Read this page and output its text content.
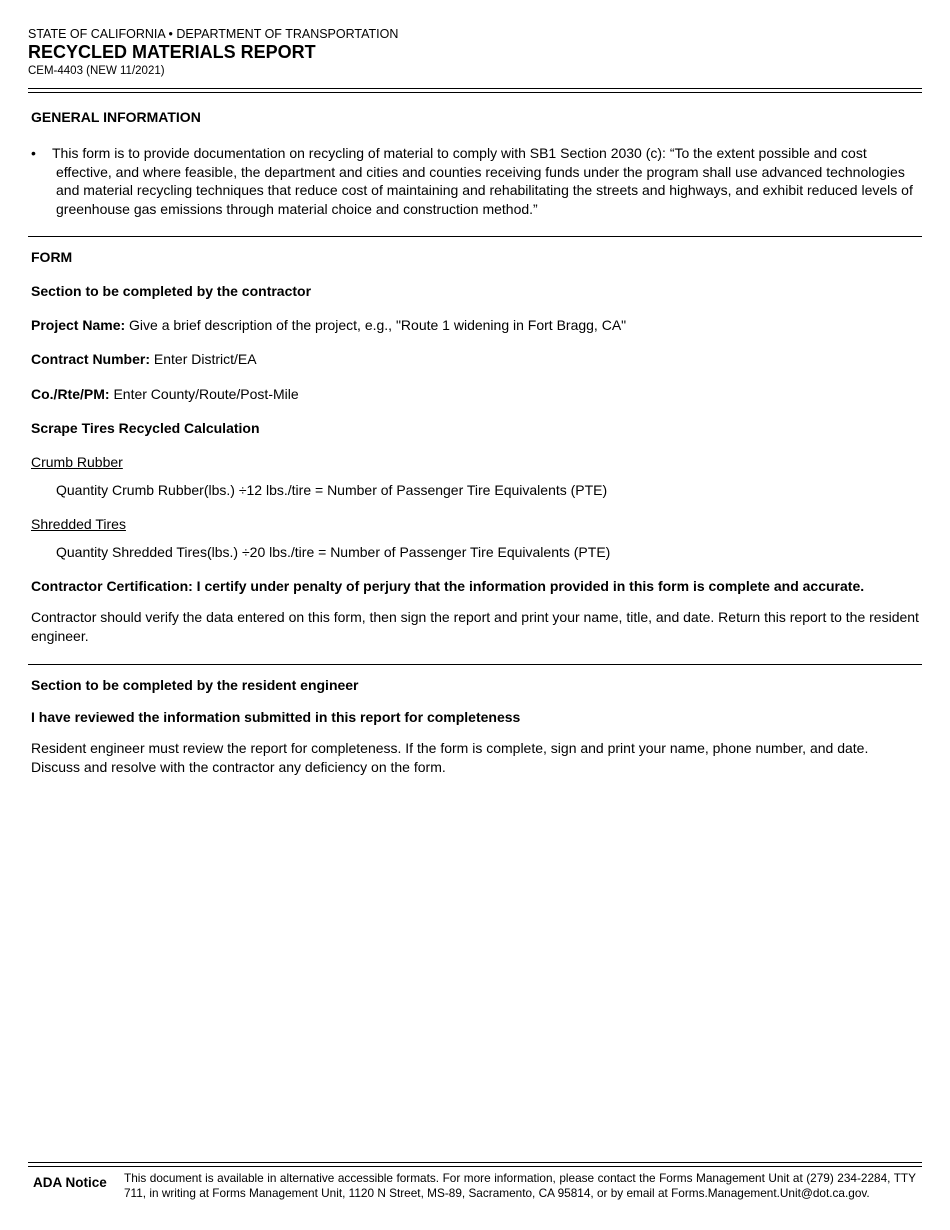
STATE OF CALIFORNIA • DEPARTMENT OF TRANSPORTATION
RECYCLED MATERIALS REPORT
CEM-4403 (NEW 11/2021)
GENERAL INFORMATION
• This form is to provide documentation on recycling of material to comply with SB1 Section 2030 (c): “To the extent possible and cost effective, and where feasible, the department and cities and counties receiving funds under the program shall use advanced technologies and material recycling techniques that reduce cost of maintaining and rehabilitating the streets and highways, and exhibit reduced levels of greenhouse gas emissions through material choice and construction method.”
FORM
Section to be completed by the contractor
Project Name: Give a brief description of the project, e.g., "Route 1 widening in Fort Bragg, CA"
Contract Number: Enter District/EA
Co./Rte/PM: Enter County/Route/Post-Mile
Scrape Tires Recycled Calculation
Crumb Rubber
Quantity Crumb Rubber(lbs.) ÷12 lbs./tire = Number of Passenger Tire Equivalents (PTE)
Shredded Tires
Quantity Shredded Tires(lbs.) ÷20 lbs./tire = Number of Passenger Tire Equivalents (PTE)
Contractor Certification: I certify under penalty of perjury that the information provided in this form is complete and accurate.
Contractor should verify the data entered on this form, then sign the report and print your name, title, and date. Return this report to the resident engineer.
Section to be completed by the resident engineer
I have reviewed the information submitted in this report for completeness
Resident engineer must review the report for completeness. If the form is complete, sign and print your name, phone number, and date. Discuss and resolve with the contractor any deficiency on the form.
ADA Notice This document is available in alternative accessible formats. For more information, please contact the Forms Management Unit at (279) 234-2284, TTY 711, in writing at Forms Management Unit, 1120 N Street, MS-89, Sacramento, CA 95814, or by email at Forms.Management.Unit@dot.ca.gov.
